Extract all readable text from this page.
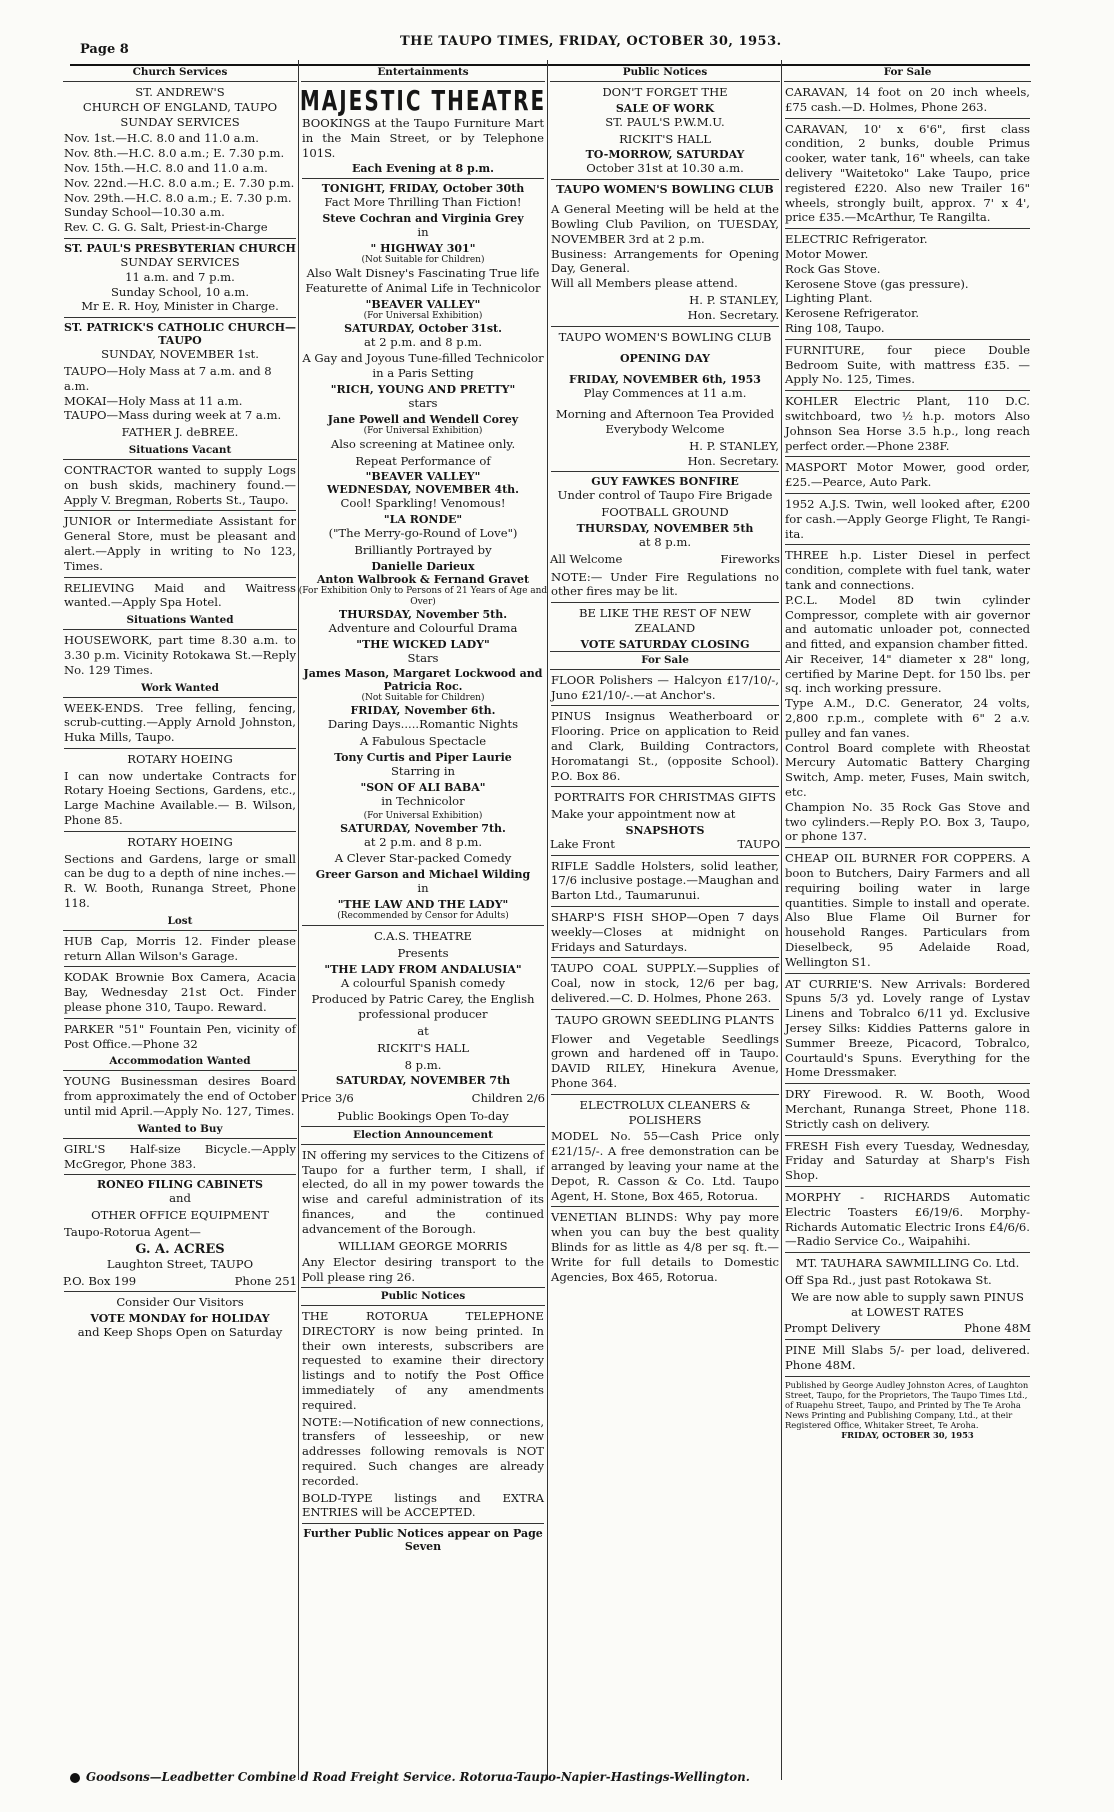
Page 8
THE TAUPO TIMES, FRIDAY, OCTOBER 30, 1953.
Church Services
ST. ANDREW'S
CHURCH OF ENGLAND, TAUPO
SUNDAY SERVICES
Nov. 1st.—H.C. 8.0 and 11.0 a.m.
Nov. 8th.—H.C. 8.0 a.m.; E. 7.30 p.m.
Nov. 15th.—H.C. 8.0 and 11.0 a.m.
Nov. 22nd.—H.C. 8.0 a.m.; E. 7.30 p.m.
Nov. 29th.—H.C. 8.0 a.m.; E. 7.30 p.m.
Sunday School—10.30 a.m.
Rev. C. G. G. Salt, Priest-in-Charge
ST. PAUL'S PRESBYTERIAN CHURCH
SUNDAY SERVICES
11 a.m. and 7 p.m.
Sunday School, 10 a.m.
Mr E. R. Hoy, Minister in Charge.
ST. PATRICK'S CATHOLIC CHURCH—TAUPO
SUNDAY, NOVEMBER 1st.
TAUPO—Holy Mass at 7 a.m. and 8 a.m.
MOKAI—Holy Mass at 11 a.m.
TAUPO—Mass during week at 7 a.m.
FATHER J. deBREE.
Situations Vacant
CONTRACTOR wanted to supply Logs on bush skids, machinery found.—Apply V. Bregman, Roberts St., Taupo.
JUNIOR or Intermediate Assistant for General Store, must be pleasant and alert.—Apply in writing to No 123, Times.
RELIEVING Maid and Waitress wanted.—Apply Spa Hotel.
Situations Wanted
HOUSEWORK, part time 8.30 a.m. to 3.30 p.m. Vicinity Rotokawa St.—Reply No. 129 Times.
Work Wanted
WEEK-ENDS. Tree felling, fencing, scrub-cutting.—Apply Arnold Johnston, Huka Mills, Taupo.
ROTARY HOEING
I can now undertake Contracts for Rotary Hoeing Sections, Gardens, etc., Large Machine Available.— B. Wilson, Phone 85.
ROTARY HOEING
Sections and Gardens, large or small can be dug to a depth of nine inches.—R. W. Booth, Runanga Street, Phone 118.
Lost
HUB Cap, Morris 12. Finder please return Allan Wilson's Garage.
KODAK Brownie Box Camera, Acacia Bay, Wednesday 21st Oct. Finder please phone 310, Taupo. Reward.
PARKER "51" Fountain Pen, vicinity of Post Office.—Phone 32
Accommodation Wanted
YOUNG Businessman desires Board from approximately the end of October until mid April.—Apply No. 127, Times.
Wanted to Buy
GIRL'S Half-size Bicycle.—Apply McGregor, Phone 383.
RONEO FILING CABINETS
and
OTHER OFFICE EQUIPMENT
Taupo-Rotorua Agent—
G. A. ACRES
Laughton Street, TAUPO
P.O. Box 199	Phone 251
Consider Our Visitors
VOTE MONDAY for HOLIDAY
and Keep Shops Open on Saturday
Entertainments
MAJESTIC THEATRE
BOOKINGS at the Taupo Furniture Mart in the Main Street, or by Telephone 101S.
Each Evening at 8 p.m.
TONIGHT, FRIDAY, October 30th
Fact More Thrilling Than Fiction!
Steve Cochran and Virginia Grey
in
" HIGHWAY 301"
(Not Suitable for Children)
Also Walt Disney's Fascinating True life Featurette of Animal Life in Technicolor
"BEAVER VALLEY"
(For Universal Exhibition)
SATURDAY, October 31st.
at 2 p.m. and 8 p.m.
A Gay and Joyous Tune-filled Technicolor in a Paris Setting
"RICH, YOUNG AND PRETTY"
stars
Jane Powell and Wendell Corey
(For Universal Exhibition)
Also screening at Matinee only.
Repeat Performance of
"BEAVER VALLEY"
WEDNESDAY, NOVEMBER 4th.
Cool! Sparkling! Venomous!
"LA RONDE"
("The Merry-go-Round of Love")
Brilliantly Portrayed by
Danielle Darieux
Anton Walbrook & Fernand Gravet
(For Exhibition Only to Persons of 21 Years of Age and Over)
THURSDAY, November 5th.
Adventure and Colourful Drama
"THE WICKED LADY"
Stars
James Mason, Margaret Lockwood and Patricia Roc.
(Not Suitable for Children)
FRIDAY, November 6th.
Daring Days.....Romantic Nights
A Fabulous Spectacle
Tony Curtis and Piper Laurie
Starring in
"SON OF ALI BABA"
in Technicolor
(For Universal Exhibition)
SATURDAY, November 7th.
at 2 p.m. and 8 p.m.
A Clever Star-packed Comedy
Greer Garson and Michael Wilding
in
"THE LAW AND THE LADY"
(Recommended by Censor for Adults)
C.A.S. THEATRE
Presents
"THE LADY FROM ANDALUSIA"
A colourful Spanish comedy
Produced by Patric Carey, the English professional producer
at
RICKIT'S HALL
8 p.m.
SATURDAY, NOVEMBER 7th
Price 3/6	Children 2/6
Public Bookings Open To-day
Election Announcement
IN offering my services to the Citizens of Taupo for a further term, I shall, if elected, do all in my power towards the wise and careful administration of its finances, and the continued advancement of the Borough.
WILLIAM GEORGE MORRIS
Any Elector desiring transport to the Poll please ring 26.
Public Notices
THE ROTORUA TELEPHONE DIRECTORY is now being printed. In their own interests, subscribers are requested to examine their directory listings and to notify the Post Office immediately of any amendments required.
NOTE:—Notification of new connections, transfers of lesseeship, or new addresses following removals is NOT required. Such changes are already recorded.
BOLD-TYPE listings and EXTRA ENTRIES will be ACCEPTED.
Further Public Notices appear on Page Seven
Public Notices
DON'T FORGET THE
SALE OF WORK
ST. PAUL'S P.W.M.U.
RICKIT'S HALL
TO-MORROW, SATURDAY
October 31st at 10.30 a.m.
TAUPO WOMEN'S BOWLING CLUB
A General Meeting will be held at the Bowling Club Pavilion, on TUESDAY, NOVEMBER 3rd at 2 p.m.
Business: Arrangements for Opening Day, General.
Will all Members please attend.
H. P. STANLEY,
Hon. Secretary.
TAUPO WOMEN'S BOWLING CLUB
OPENING DAY
FRIDAY, NOVEMBER 6th, 1953
Play Commences at 11 a.m.
Morning and Afternoon Tea Provided
Everybody Welcome
H. P. STANLEY,
Hon. Secretary.
GUY FAWKES BONFIRE
Under control of Taupo Fire Brigade
FOOTBALL GROUND
THURSDAY, NOVEMBER 5th
at 8 p.m.
All Welcome	Fireworks
NOTE:— Under Fire Regulations no other fires may be lit.
BE LIKE THE REST OF NEW ZEALAND
VOTE SATURDAY CLOSING
For Sale
FLOOR Polishers — Halcyon £17/10/-, Juno £21/10/-.—at Anchor's.
PINUS Insignus Weatherboard or Flooring. Price on application to Reid and Clark, Building Contractors, Horomatangi St., (opposite School). P.O. Box 86.
PORTRAITS FOR CHRISTMAS GIFTS
Make your appointment now at
SNAPSHOTS
Lake Front	TAUPO
RIFLE Saddle Holsters, solid leather, 17/6 inclusive postage.—Maughan and Barton Ltd., Taumarunui.
SHARP'S FISH SHOP—Open 7 days weekly—Closes at midnight on Fridays and Saturdays.
TAUPO COAL SUPPLY.—Supplies of Coal, now in stock, 12/6 per bag, delivered.—C. D. Holmes, Phone 263.
TAUPO GROWN SEEDLING PLANTS
Flower and Vegetable Seedlings grown and hardened off in Taupo. DAVID RILEY, Hinekura Avenue, Phone 364.
ELECTROLUX CLEANERS & POLISHERS
MODEL No. 55—Cash Price only £21/15/-. A free demonstration can be arranged by leaving your name at the Depot, R. Casson & Co. Ltd. Taupo Agent, H. Stone, Box 465, Rotorua.
VENETIAN BLINDS: Why pay more when you can buy the best quality Blinds for as little as 4/8 per sq. ft.—Write for full details to Domestic Agencies, Box 465, Rotorua.
For Sale
CARAVAN, 14 foot on 20 inch wheels, £75 cash.—D. Holmes, Phone 263.
CARAVAN, 10' x 6'6", first class condition, 2 bunks, double Primus cooker, water tank, 16" wheels, can take delivery "Waitetoko" Lake Taupo, price registered £220. Also new Trailer 16" wheels, strongly built, approx. 7' x 4', price £35.—McArthur, Te Rangilta.
ELECTRIC Refrigerator.
Motor Mower.
Rock Gas Stove.
Kerosene Stove (gas pressure).
Lighting Plant.
Kerosene Refrigerator.
Ring 108, Taupo.
FURNITURE, four piece Double Bedroom Suite, with mattress £35. —Apply No. 125, Times.
KOHLER Electric Plant, 110 D.C. switchboard, two ½ h.p. motors Also Johnson Sea Horse 3.5 h.p., long reach perfect order.—Phone 238F.
MASPORT Motor Mower, good order, £25.—Pearce, Auto Park.
1952 A.J.S. Twin, well looked after, £200 for cash.—Apply George Flight, Te Rangi-ita.
THREE h.p. Lister Diesel in perfect condition, complete with fuel tank, water tank and connections.
P.C.L. Model 8D twin cylinder Compressor, complete with air governor and automatic unloader pot, connected and fitted, and expansion chamber fitted.
Air Receiver, 14" diameter x 28" long, certified by Marine Dept. for 150 lbs. per sq. inch working pressure.
Type A.M., D.C. Generator, 24 volts, 2,800 r.p.m., complete with 6" 2 a.v. pulley and fan vanes.
Control Board complete with Rheostat Mercury Automatic Battery Charging Switch, Amp. meter, Fuses, Main switch, etc.
Champion No. 35 Rock Gas Stove and two cylinders.—Reply P.O. Box 3, Taupo, or phone 137.
CHEAP OIL BURNER FOR COPPERS. A boon to Butchers, Dairy Farmers and all requiring boiling water in large quantities. Simple to install and operate. Also Blue Flame Oil Burner for household Ranges. Particulars from Dieselbeck, 95 Adelaide Road, Wellington S1.
AT CURRIE'S. New Arrivals: Bordered Spuns 5/3 yd. Lovely range of Lystav Linens and Tobralco 6/11 yd. Exclusive Jersey Silks: Kiddies Patterns galore in Summer Breeze, Picacord, Tobralco, Courtauld's Spuns. Everything for the Home Dressmaker.
DRY Firewood. R. W. Booth, Wood Merchant, Runanga Street, Phone 118. Strictly cash on delivery.
FRESH Fish every Tuesday, Wednesday, Friday and Saturday at Sharp's Fish Shop.
MORPHY - RICHARDS Automatic Electric Toasters £6/19/6. Morphy-Richards Automatic Electric Irons £4/6/6.—Radio Service Co., Waipahihi.
MT. TAUHARA SAWMILLING Co. Ltd.
Off Spa Rd., just past Rotokawa St.
We are now able to supply sawn PINUS at LOWEST RATES
Prompt Delivery	Phone 48M
PINE Mill Slabs 5/- per load, delivered. Phone 48M.
Published by George Audley Johnston Acres, of Laughton Street, Taupo, for the Proprietors, The Taupo Times Ltd., of Ruapehu Street, Taupo, and Printed by The Te Aroha News Printing and Publishing Company, Ltd., at their Registered Office, Whitaker Street, Te Aroha.
FRIDAY, OCTOBER 30, 1953
Goodsons—Leadbetter Combine d Road Freight Service. Rotorua-Taupo-Napier-Hastings-Wellington.
